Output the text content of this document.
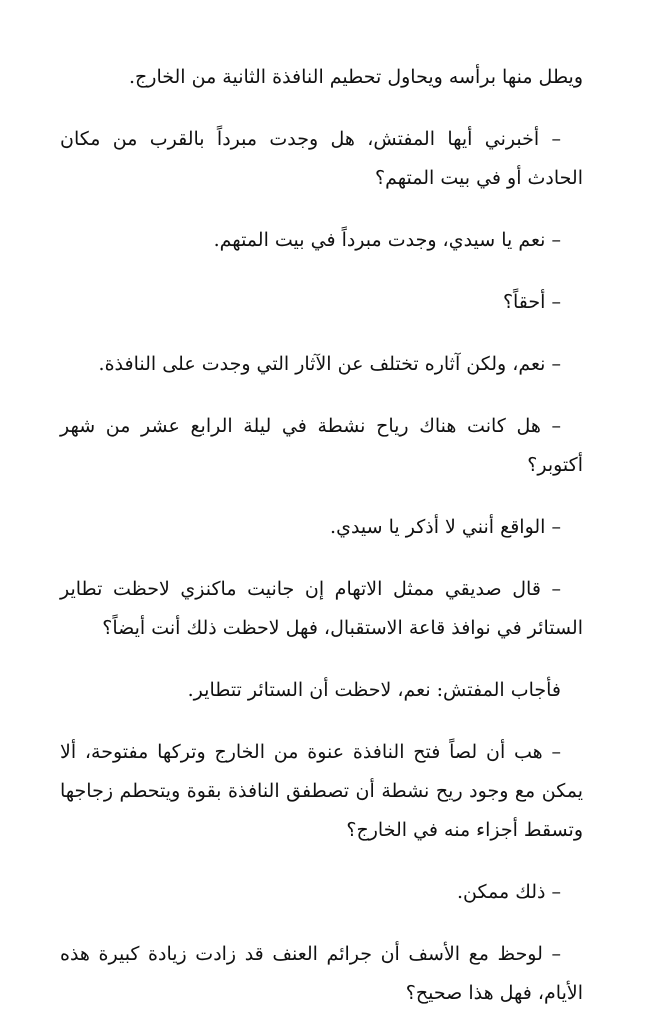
ويطل منها برأسه ويحاول تحطيم النافذة الثانية من الخارج.

– أخبرني أيها المفتش، هل وجدت مبرداً بالقرب من مكان الحادث أو في بيت المتهم؟

– نعم يا سيدي، وجدت مبرداً في بيت المتهم.

– أحقاً؟

– نعم، ولكن آثاره تختلف عن الآثار التي وجدت على النافذة.

– هل كانت هناك رياح نشطة في ليلة الرابع عشر من شهر أكتوبر؟

– الواقع أنني لا أذكر يا سيدي.

– قال صديقي ممثل الاتهام إن جانيت ماكنزي لاحظت تطاير الستائر في نوافذ قاعة الاستقبال، فهل لاحظت ذلك أنت أيضاً؟

فأجاب المفتش: نعم، لاحظت أن الستائر تتطاير.

– هب أن لصاً فتح النافذة عنوة من الخارج وتركها مفتوحة، ألا يمكن مع وجود ريح نشطة أن تصطفق النافذة بقوة ويتحطم زجاجها وتسقط أجزاء منه في الخارج؟

– ذلك ممكن.

– لوحظ مع الأسف أن جرائم العنف قد زادت زيادة كبيرة هذه الأيام، فهل هذا صحيح؟
